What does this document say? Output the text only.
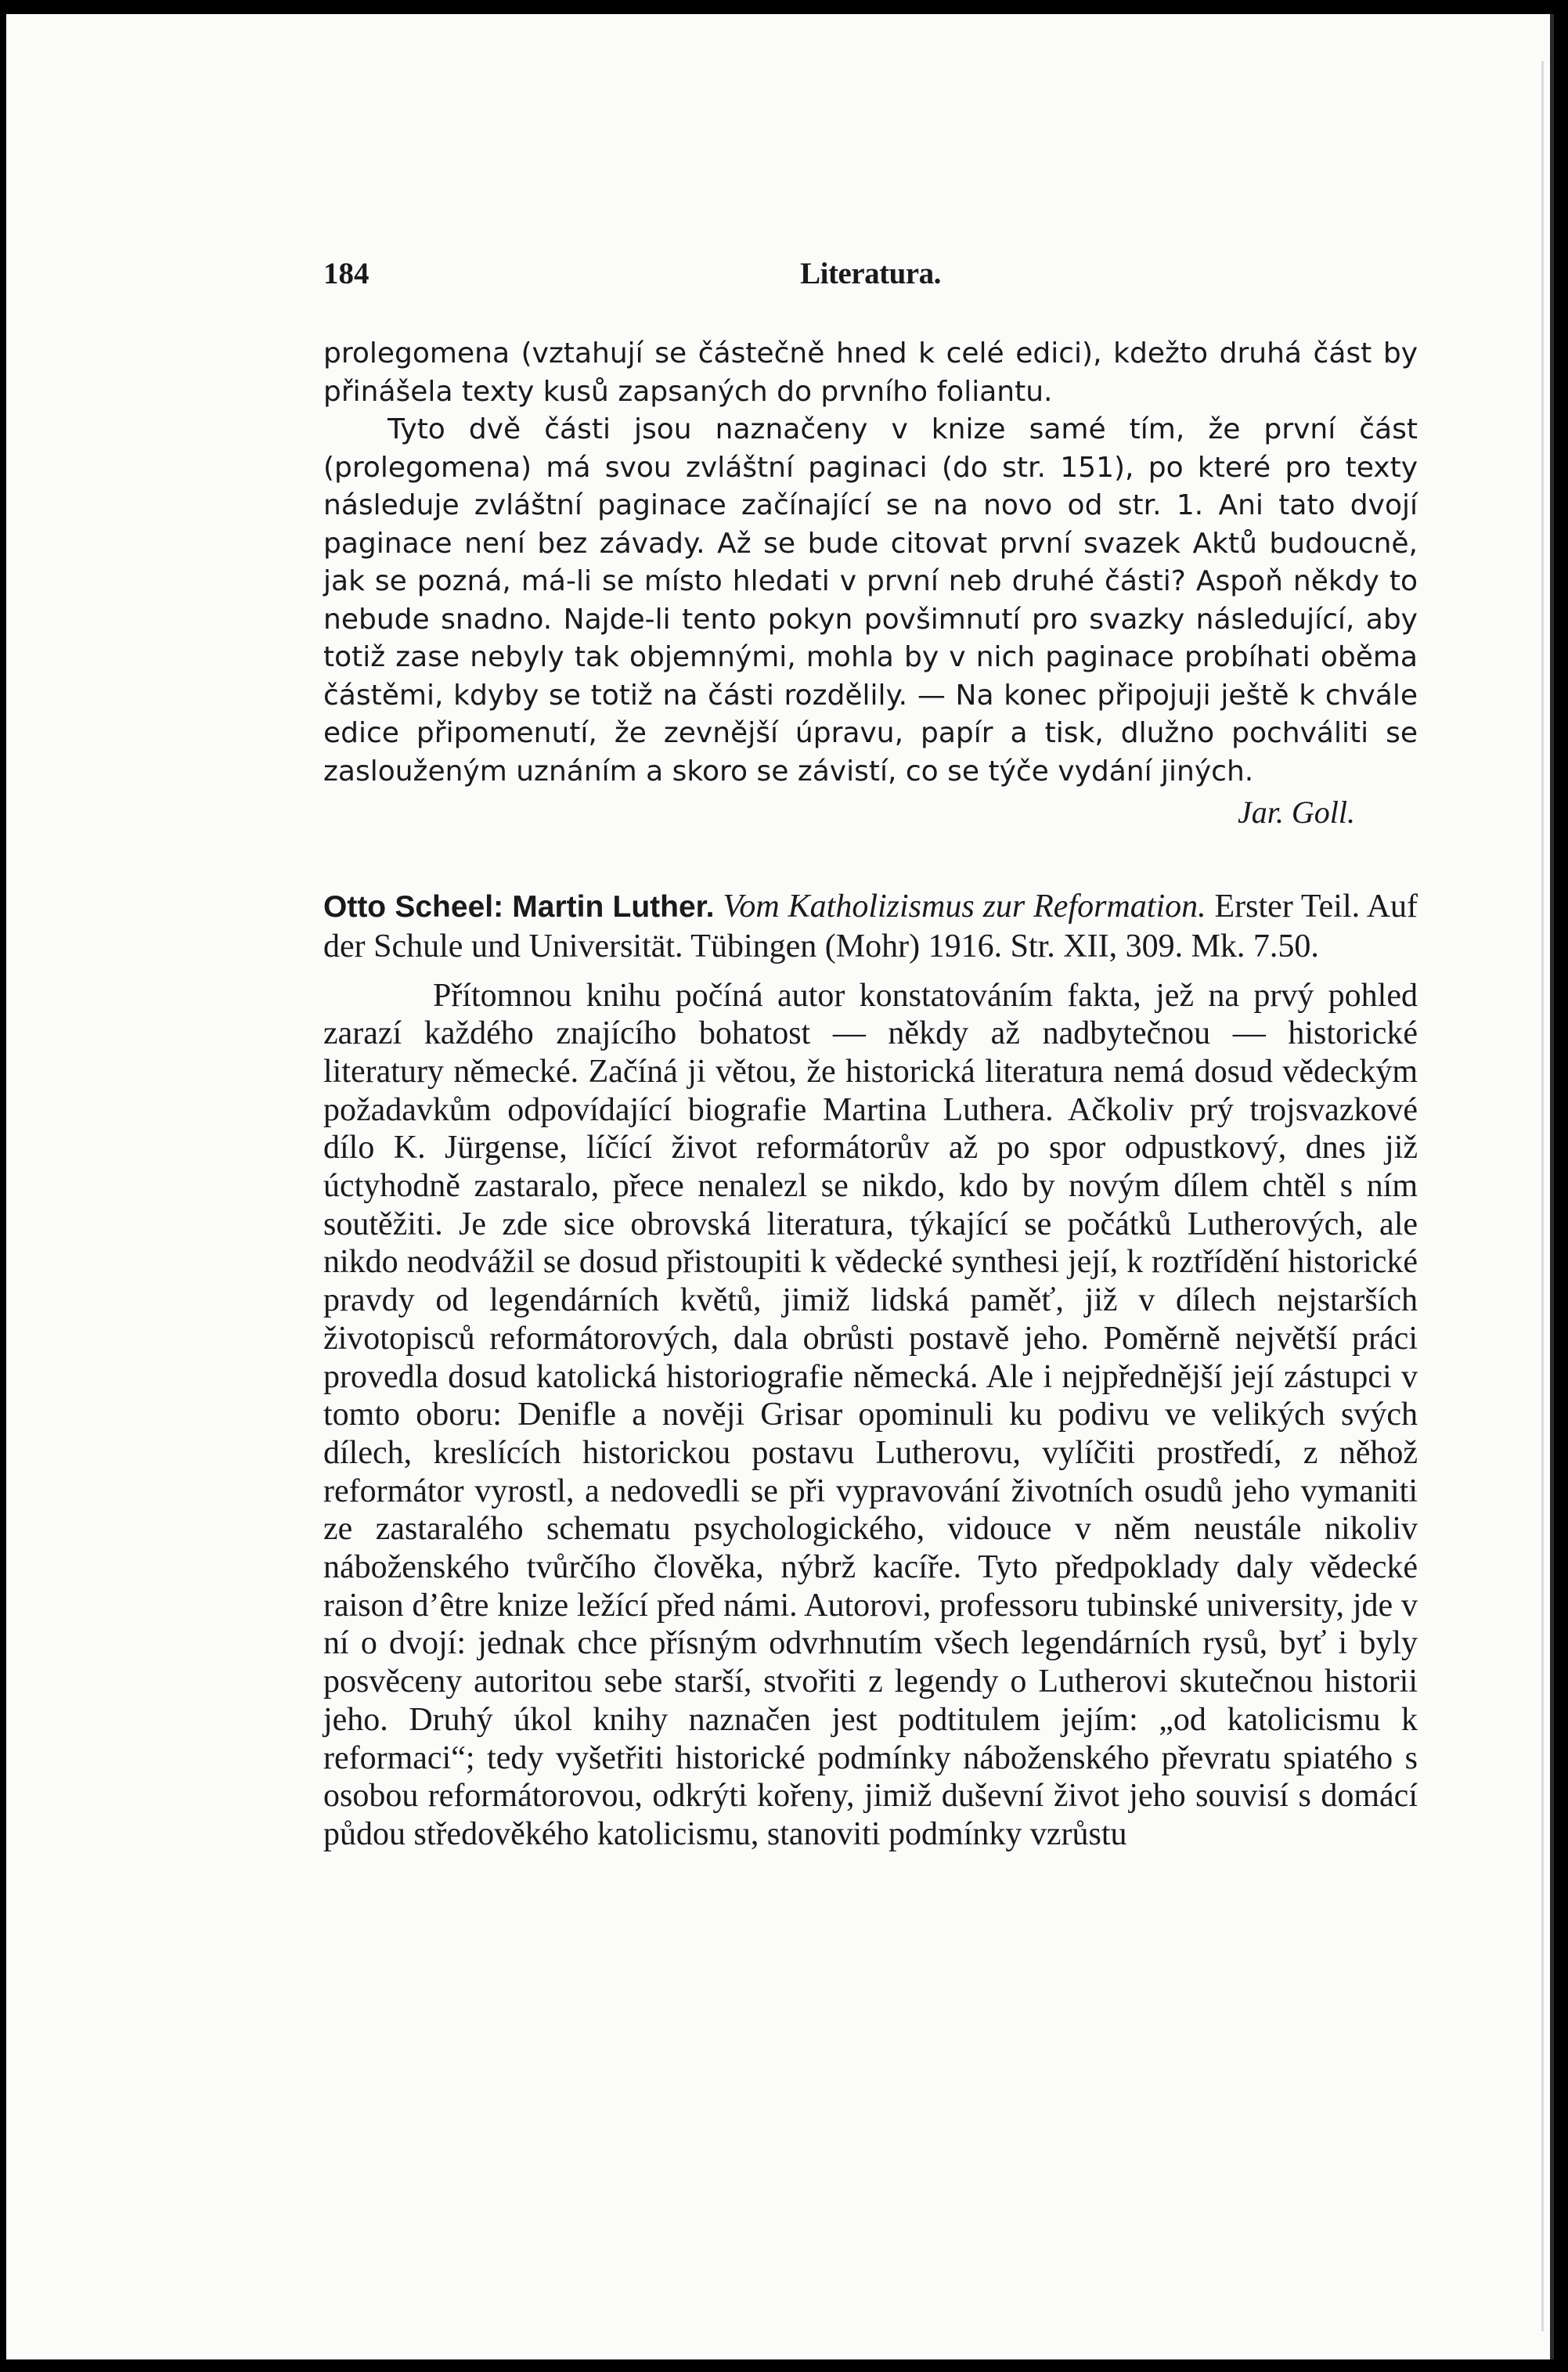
184	Literatura.

prolegomena (vztahují se částečně hned k celé edici), kdežto druhá část by přinášela texty kusů zapsaných do prvního foliantu.

Tyto dvě části jsou naznačeny v knize samé tím, že první část (prolegomena) má svou zvláštní paginaci (do str. 151), po které pro texty následuje zvláštní paginace začínající se na novo od str. 1. Ani tato dvojí paginace není bez závady. Až se bude citovat první svazek Aktů budoucně, jak se pozná, má-li se místo hledati v první neb druhé části? Aspoň někdy to nebude snadno. Najde-li tento pokyn povšimnutí pro svazky následující, aby totiž zase nebyly tak objemnými, mohla by v nich paginace probíhati oběma částěmi, kdyby se totiž na části rozdělily. — Na konec připojuji ještě k chvále edice připomenutí, že zevnější úpravu, papír a tisk, dlužno pochváliti se zaslouženým uznáním a skoro se závistí, co se týče vydání jiných.

Jar. Goll.

Otto Scheel: Martin Luther. Vom Katholizismus zur Reformation. Erster Teil. Auf der Schule und Universität. Tübingen (Mohr) 1916. Str. XII, 309. Mk. 7.50.

Přítomnou knihu počíná autor konstatováním fakta, jež na prvý pohled zarazí každého znajícího bohatost — někdy až nadbytečnou — historické literatury německé. Začíná ji větou, že historická literatura nemá dosud vědeckým požadavkům odpovídající biografie Martina Luthera. Ačkoliv prý trojsvazkové dílo K. Jürgense, líčící život reformátorův až po spor odpustkový, dnes již úctyhodně zastaralo, přece nenalezl se nikdo, kdo by novým dílem chtěl s ním soutěžiti. Je zde sice obrovská literatura, týkající se počátků Lutherových, ale nikdo neodvážil se dosud přistoupiti k vědecké synthesi její, k roztřídění historické pravdy od legendárních květů, jimiž lidská paměť, již v dílech nejstarších životopisců reformátorových, dala obrůsti postavě jeho. Poměrně největší práci provedla dosud katolická historiografie německá. Ale i nejpřednější její zástupci v tomto oboru: Denifle a nověji Grisar opominuli ku podivu ve velikých svých dílech, kreslících historickou postavu Lutherovu, vylíčiti prostředí, z něhož reformátor vyrostl, a nedovedli se při vypravování životních osudů jeho vymaniti ze zastaralého schematu psychologického, vidouce v něm neustále nikoliv náboženského tvůrčího člověka, nýbrž kacíře. Tyto předpoklady daly vědecké raison d’être knize ležící před námi. Autorovi, professoru tubinské university, jde v ní o dvojí: jednak chce přísným odvrhnutím všech legendárních rysů, byť i byly posvěceny autoritou sebe starší, stvořiti z legendy o Lutherovi skutečnou historii jeho. Druhý úkol knihy naznačen jest podtitulem jejím: „od katolicismu k reformaci“; tedy vyšetřiti historické podmínky náboženského převratu spiatého s osobou reformátorovou, odkrýti kořeny, jimiž duševní život jeho souvisí s domácí půdou středověkého katolicismu, stanoviti podmínky vzrůstu
